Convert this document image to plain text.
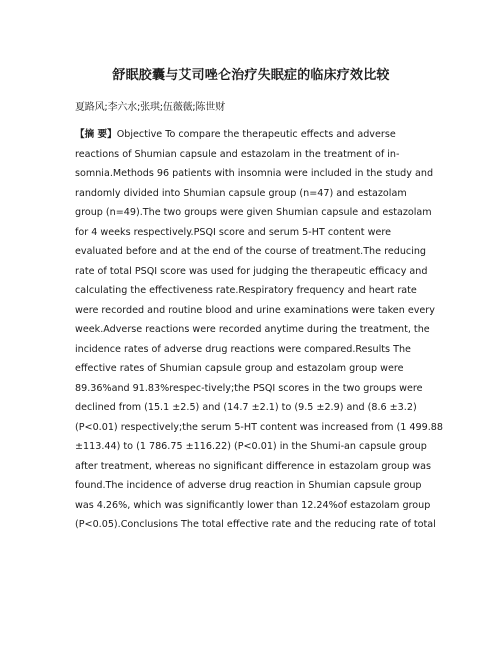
舒眠胶囊与艾司唑仑治疗失眠症的临床疗效比较
夏路风;李六水;张琪;伍薇薇;陈世财
【摘 要】Objective To compare the therapeutic effects and adverse
reactions of Shumian capsule and estazolam in the treatment of in-
somnia.Methods 96 patients with insomnia were included in the study and
randomly divided into Shumian capsule group (n=47) and estazolam
group (n=49).The two groups were given Shumian capsule and estazolam
for 4 weeks respectively.PSQI score and serum 5-HT content were
evaluated before and at the end of the course of treatment.The reducing
rate of total PSQI score was used for judging the therapeutic efficacy and
calculating the effectiveness rate.Respiratory frequency and heart rate
were recorded and routine blood and urine examinations were taken every
week.Adverse reactions were recorded anytime during the treatment, the
incidence rates of adverse drug reactions were compared.Results The
effective rates of Shumian capsule group and estazolam group were
89.36%and 91.83%respec-tively;the PSQI scores in the two groups were
declined from (15.1 ±2.5) and (14.7 ±2.1) to (9.5 ±2.9) and (8.6 ±3.2)
(P<0.01) respectively;the serum 5-HT content was increased from (1 499.88
±113.44) to (1 786.75 ±116.22) (P<0.01) in the Shumi-an capsule group
after treatment, whereas no significant difference in estazolam group was
found.The incidence of adverse drug reaction in Shumian capsule group
was 4.26%, which was significantly lower than 12.24%of estazolam group
(P<0.05).Conclusions The total effective rate and the reducing rate of total
